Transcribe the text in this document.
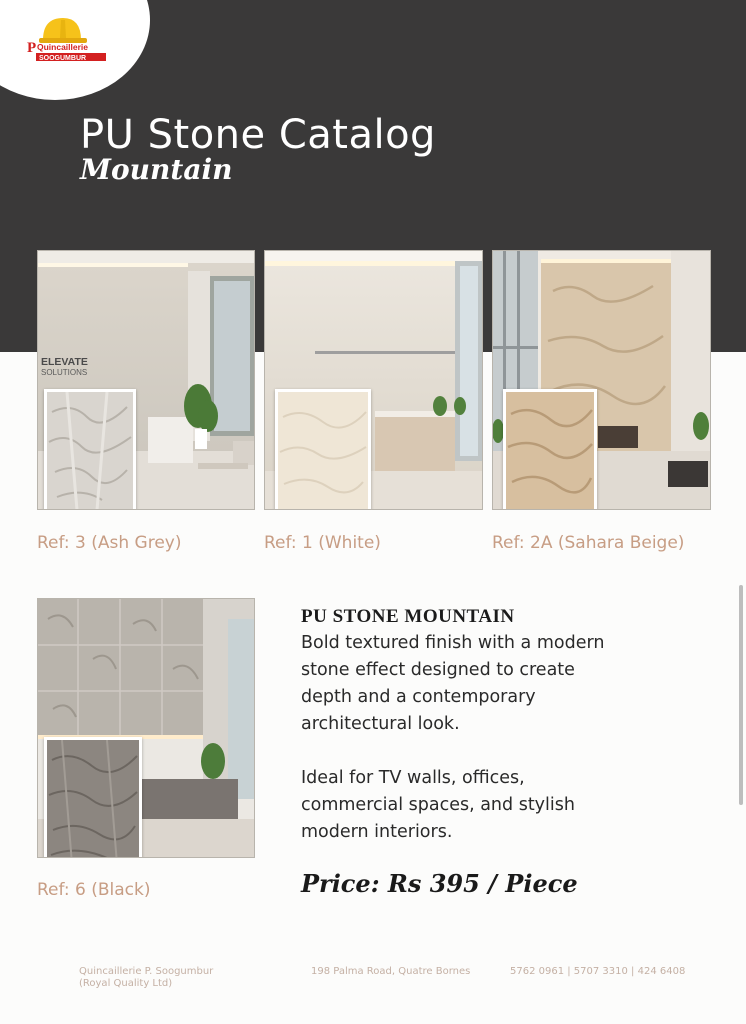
P Quincaillerie
SOOGUMBUR
PU Stone Catalog
Mountain
ELEVATE
SOLUTIONS
Ref: 3 (Ash Grey)	Ref: 1 (White)	Ref: 2A (Sahara Beige)
Ref: 6 (Black)
PU STONE MOUNTAIN
Bold textured finish with a modern
stone effect designed to create
depth and a contemporary
architectural look.
Ideal for TV walls, offices,
commercial spaces, and stylish
modern interiors.
Price: Rs 395 / Piece
Quincaillerie P. Soogumbur
(Royal Quality Ltd)
198 Palma Road, Quatre Bornes	5762 0961 | 5707 3310 | 424 6408
